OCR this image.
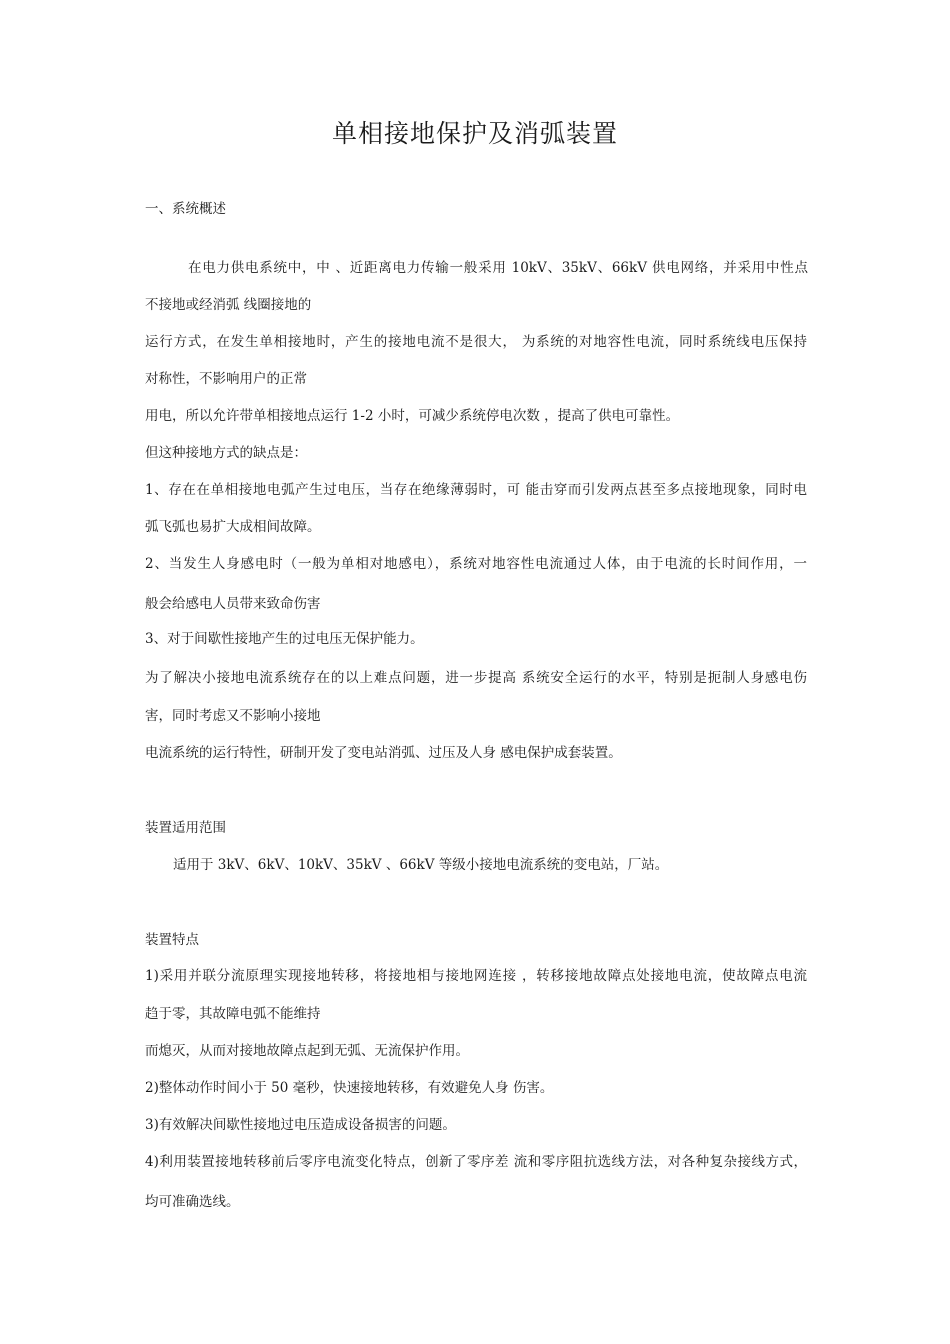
单相接地保护及消弧装置
一、系统概述
在电力供电系统中，中 、近距离电力传输一般采用 10kV、35kV、66kV 供电网络，并采用中性点
不接地或经消弧 线圈接地的
运行方式，在发生单相接地时，产生的接地电流不是很大， 为系统的对地容性电流，同时系统线电压保持
对称性，不影响用户的正常
用电，所以允许带单相接地点运行 1-2 小时，可减少系统停电次数 ，提高了供电可靠性。
但这种接地方式的缺点是：
1、存在在单相接地电弧产生过电压，当存在绝缘薄弱时，可 能击穿而引发两点甚至多点接地现象，同时电
弧飞弧也易扩大成相间故障。
2、当发生人身感电时（一般为单相对地感电），系统对地容性电流通过人体，由于电流的长时间作用，一
般会给感电人员带来致命伤害
3、对于间歇性接地产生的过电压无保护能力。
为了解决小接地电流系统存在的以上难点问题，进一步提高 系统安全运行的水平，特别是扼制人身感电伤
害，同时考虑又不影响小接地
电流系统的运行特性，研制开发了变电站消弧、过压及人身 感电保护成套装置。
装置适用范围
适用于 3kV、6kV、10kV、35kV 、66kV 等级小接地电流系统的变电站，厂站。
装置特点
1)采用并联分流原理实现接地转移，将接地相与接地网连接 ，转移接地故障点处接地电流，使故障点电流
趋于零，其故障电弧不能维持
而熄灭，从而对接地故障点起到无弧、无流保护作用。
2)整体动作时间小于 50 毫秒，快速接地转移，有效避免人身 伤害。
3)有效解决间歇性接地过电压造成设备损害的问题。
4)利用装置接地转移前后零序电流变化特点，创新了零序差 流和零序阻抗选线方法，对各种复杂接线方式，
均可准确选线。
